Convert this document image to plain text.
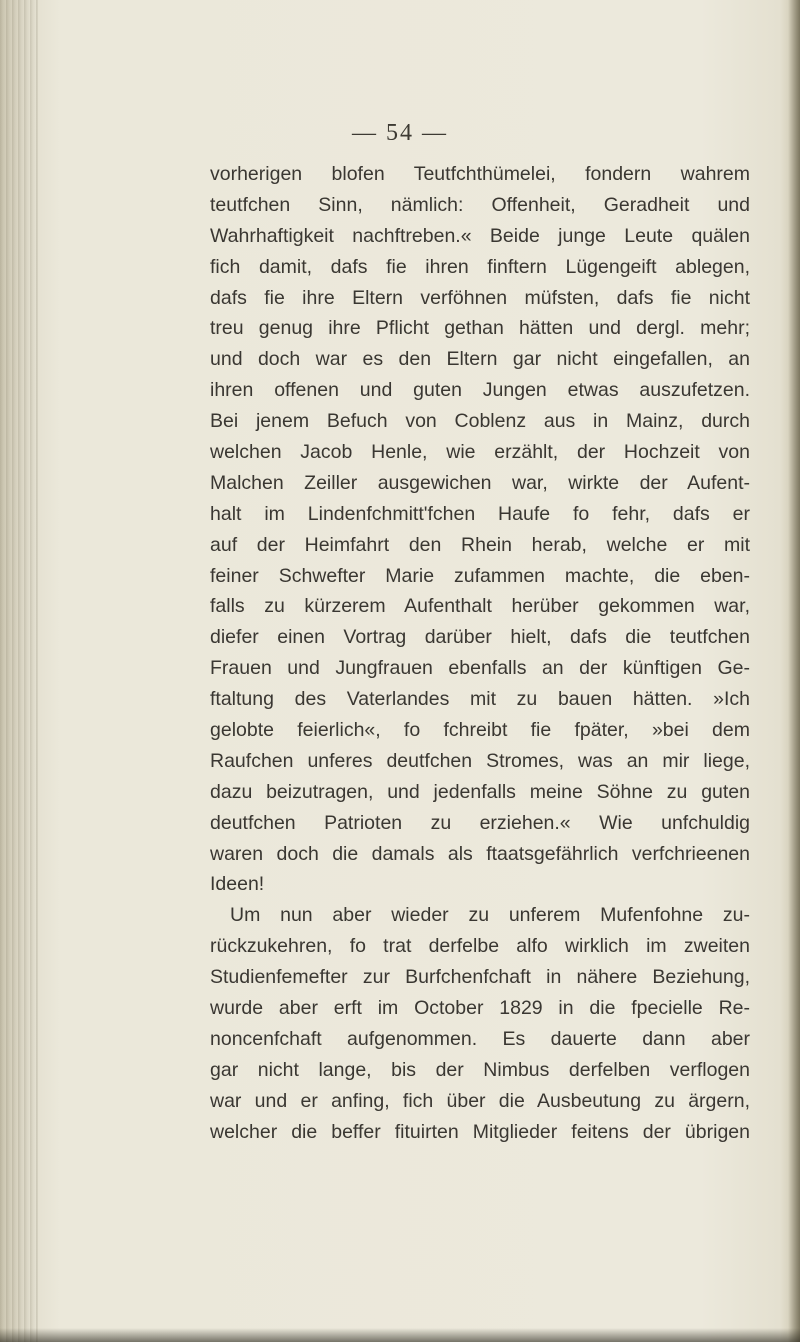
— 54 —
vorherigen blofen Teutfchthümelei, fondern wahrem
teutfchen Sinn, nämlich: Offenheit, Geradheit und
Wahrhaftigkeit nachftreben.« Beide junge Leute quälen
fich damit, dafs fie ihren finftern Lügengeift ablegen,
dafs fie ihre Eltern verföhnen müfsten, dafs fie nicht
treu genug ihre Pflicht gethan hätten und dergl. mehr;
und doch war es den Eltern gar nicht eingefallen, an
ihren offenen und guten Jungen etwas auszufetzen.
Bei jenem Befuch von Coblenz aus in Mainz, durch
welchen Jacob Henle, wie erzählt, der Hochzeit von
Malchen Zeiller ausgewichen war, wirkte der Aufent-
halt im Lindenfchmitt'fchen Haufe fo fehr, dafs er
auf der Heimfahrt den Rhein herab, welche er mit
feiner Schwefter Marie zufammen machte, die eben-
falls zu kürzerem Aufenthalt herüber gekommen war,
diefer einen Vortrag darüber hielt, dafs die teutfchen
Frauen und Jungfrauen ebenfalls an der künftigen Ge-
ftaltung des Vaterlandes mit zu bauen hätten. »Ich
gelobte feierlich«, fo fchreibt fie fpäter, »bei dem
Raufchen unferes deutfchen Stromes, was an mir liege,
dazu beizutragen, und jedenfalls meine Söhne zu guten
deutfchen Patrioten zu erziehen.« Wie unfchuldig
waren doch die damals als ftaatsgefährlich verfchrieenen
Ideen!
Um nun aber wieder zu unferem Mufenfohne zu-
rückzukehren, fo trat derfelbe alfo wirklich im zweiten
Studienfemefter zur Burfchenfchaft in nähere Beziehung,
wurde aber erft im October 1829 in die fpecielle Re-
noncenfchaft aufgenommen. Es dauerte dann aber
gar nicht lange, bis der Nimbus derfelben verflogen
war und er anfing, fich über die Ausbeutung zu ärgern,
welcher die beffer fituirten Mitglieder feitens der übrigen
